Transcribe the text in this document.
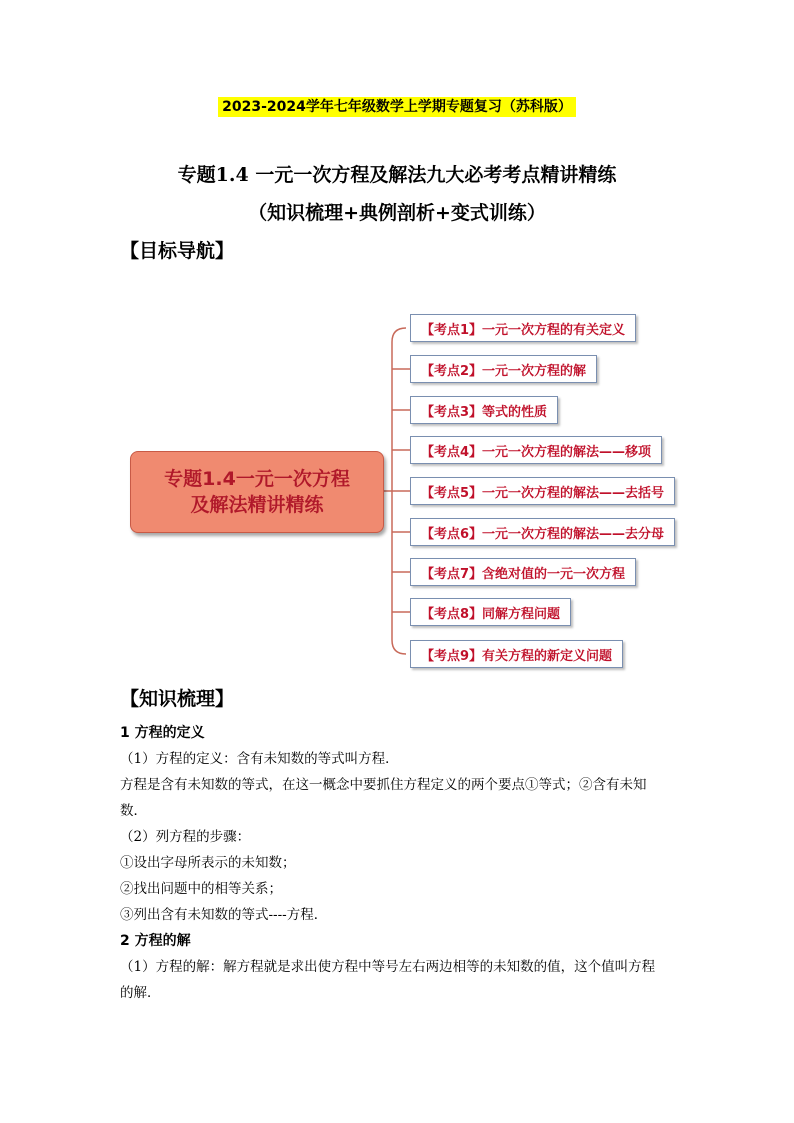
2023-2024学年七年级数学上学期专题复习（苏科版）
专题1.4 一元一次方程及解法九大必考考点精讲精练
（知识梳理+典例剖析+变式训练）
【目标导航】
专题1.4一元一次方程
及解法精讲精练
【考点1】一元一次方程的有关定义
【考点2】一元一次方程的解
【考点3】等式的性质
【考点4】一元一次方程的解法——移项
【考点5】一元一次方程的解法——去括号
【考点6】一元一次方程的解法——去分母
【考点7】含绝对值的一元一次方程
【考点8】同解方程问题
【考点9】有关方程的新定义问题
【知识梳理】

1 方程的定义

（1）方程的定义：含有未知数的等式叫方程．

方程是含有未知数的等式，在这一概念中要抓住方程定义的两个要点①等式；②含有未知

数．

（2）列方程的步骤：

①设出字母所表示的未知数；

②找出问题中的相等关系；

③列出含有未知数的等式----方程．

2 方程的解

（1）方程的解：解方程就是求出使方程中等号左右两边相等的未知数的值，这个值叫方程

的解．
